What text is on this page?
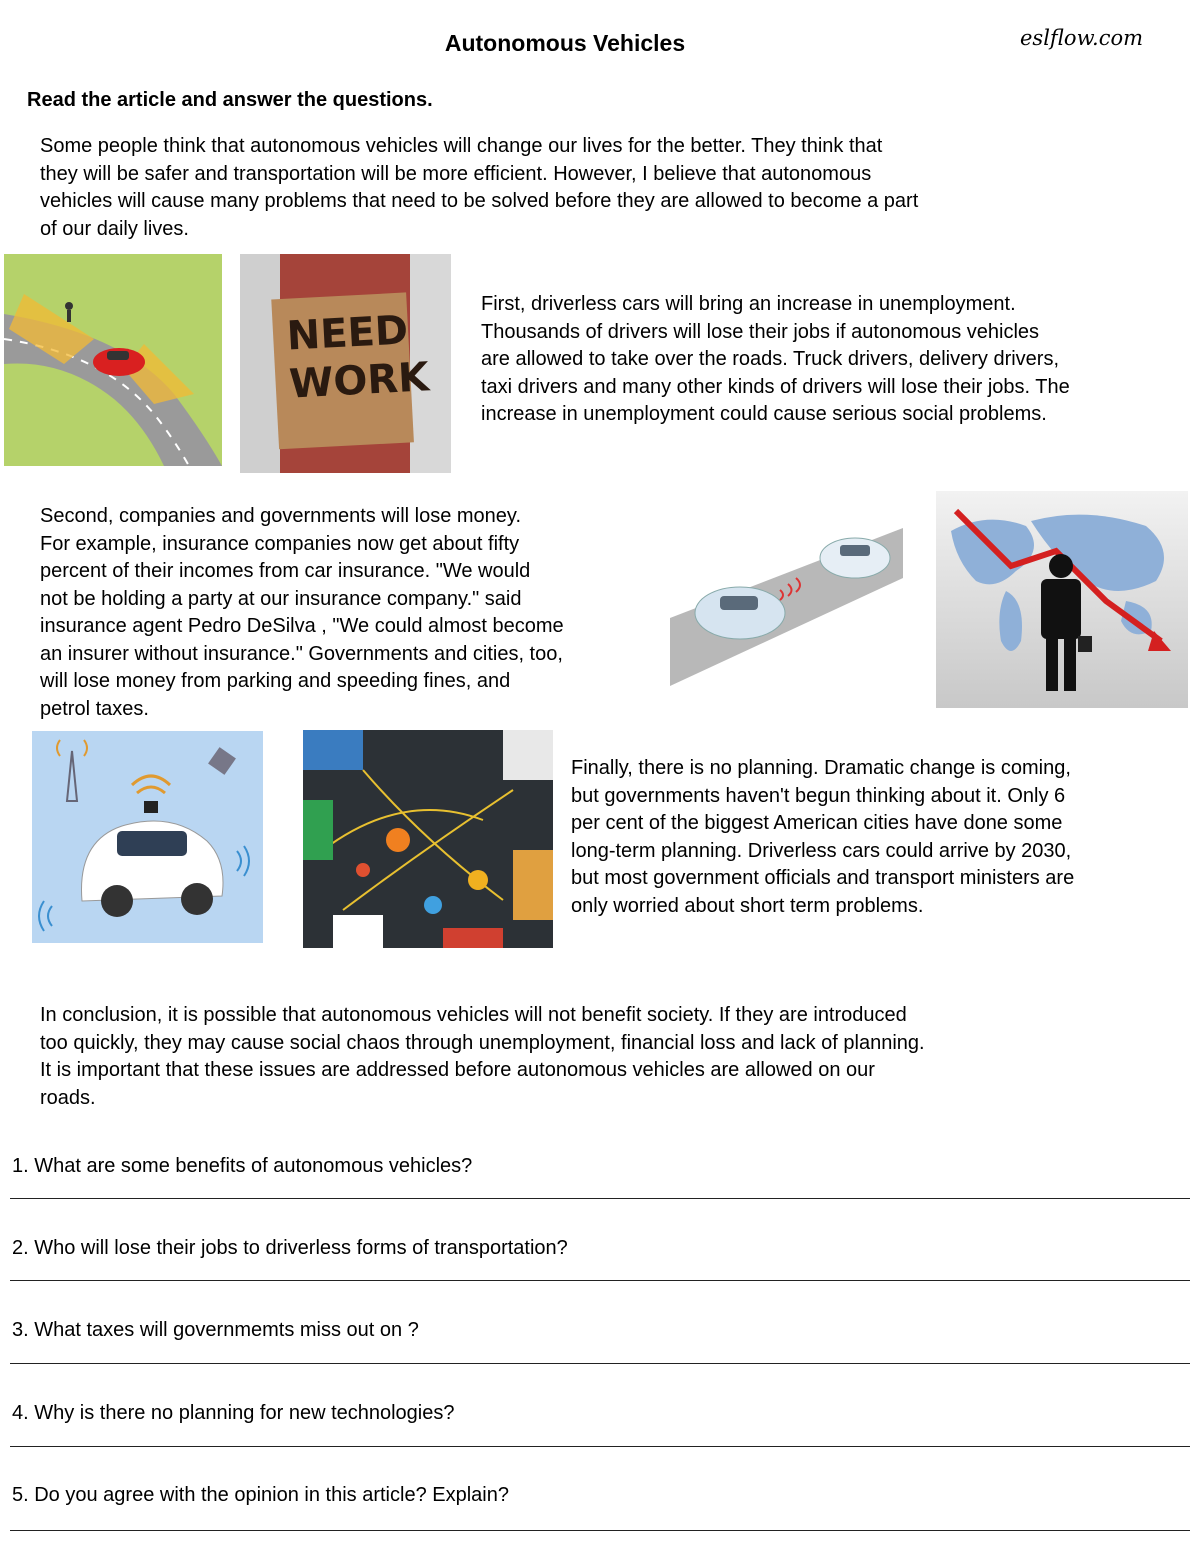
Autonomous Vehicles	eslflow.com
Read the article and answer the questions.
Some people think that autonomous vehicles will change our lives for the better. They think that
they will be safer and transportation will be more efficient. However, I believe that autonomous
vehicles will cause many problems that need to be solved before they are allowed to become a part
of our daily lives.
NEED
WORK
First, driverless cars will bring an increase in unemployment.
Thousands of drivers will lose their jobs if autonomous vehicles
are allowed to take over the roads. Truck drivers, delivery drivers,
taxi drivers and many other kinds of drivers will lose their jobs. The
increase in unemployment could cause serious social problems.
Second, companies and governments will lose money.
For example, insurance companies now get about fifty
percent of their incomes from car insurance. "We would
not be holding a party at our insurance company." said
insurance agent Pedro DeSilva , "We could almost become
an insurer without insurance." Governments and cities, too,
will lose money from parking and speeding fines, and
petrol taxes.
Finally, there is no planning. Dramatic change is coming,
but governments haven't begun thinking about it. Only 6
per cent of the biggest American cities have done some
long-term planning. Driverless cars could arrive by 2030,
but most government officials and transport ministers are
only worried about short term problems.
In conclusion, it is possible that autonomous vehicles will not benefit society. If they are introduced
too quickly, they may cause social chaos through unemployment, financial loss and lack of planning.
It is important that these issues are addressed before autonomous vehicles are allowed on our
roads.
1. What are some benefits of autonomous vehicles?
2. Who will lose their jobs to driverless forms of transportation?
3. What taxes will governmemts miss out on ?
4. Why is there no planning for new technologies?
5. Do you agree with the opinion in this article? Explain?
